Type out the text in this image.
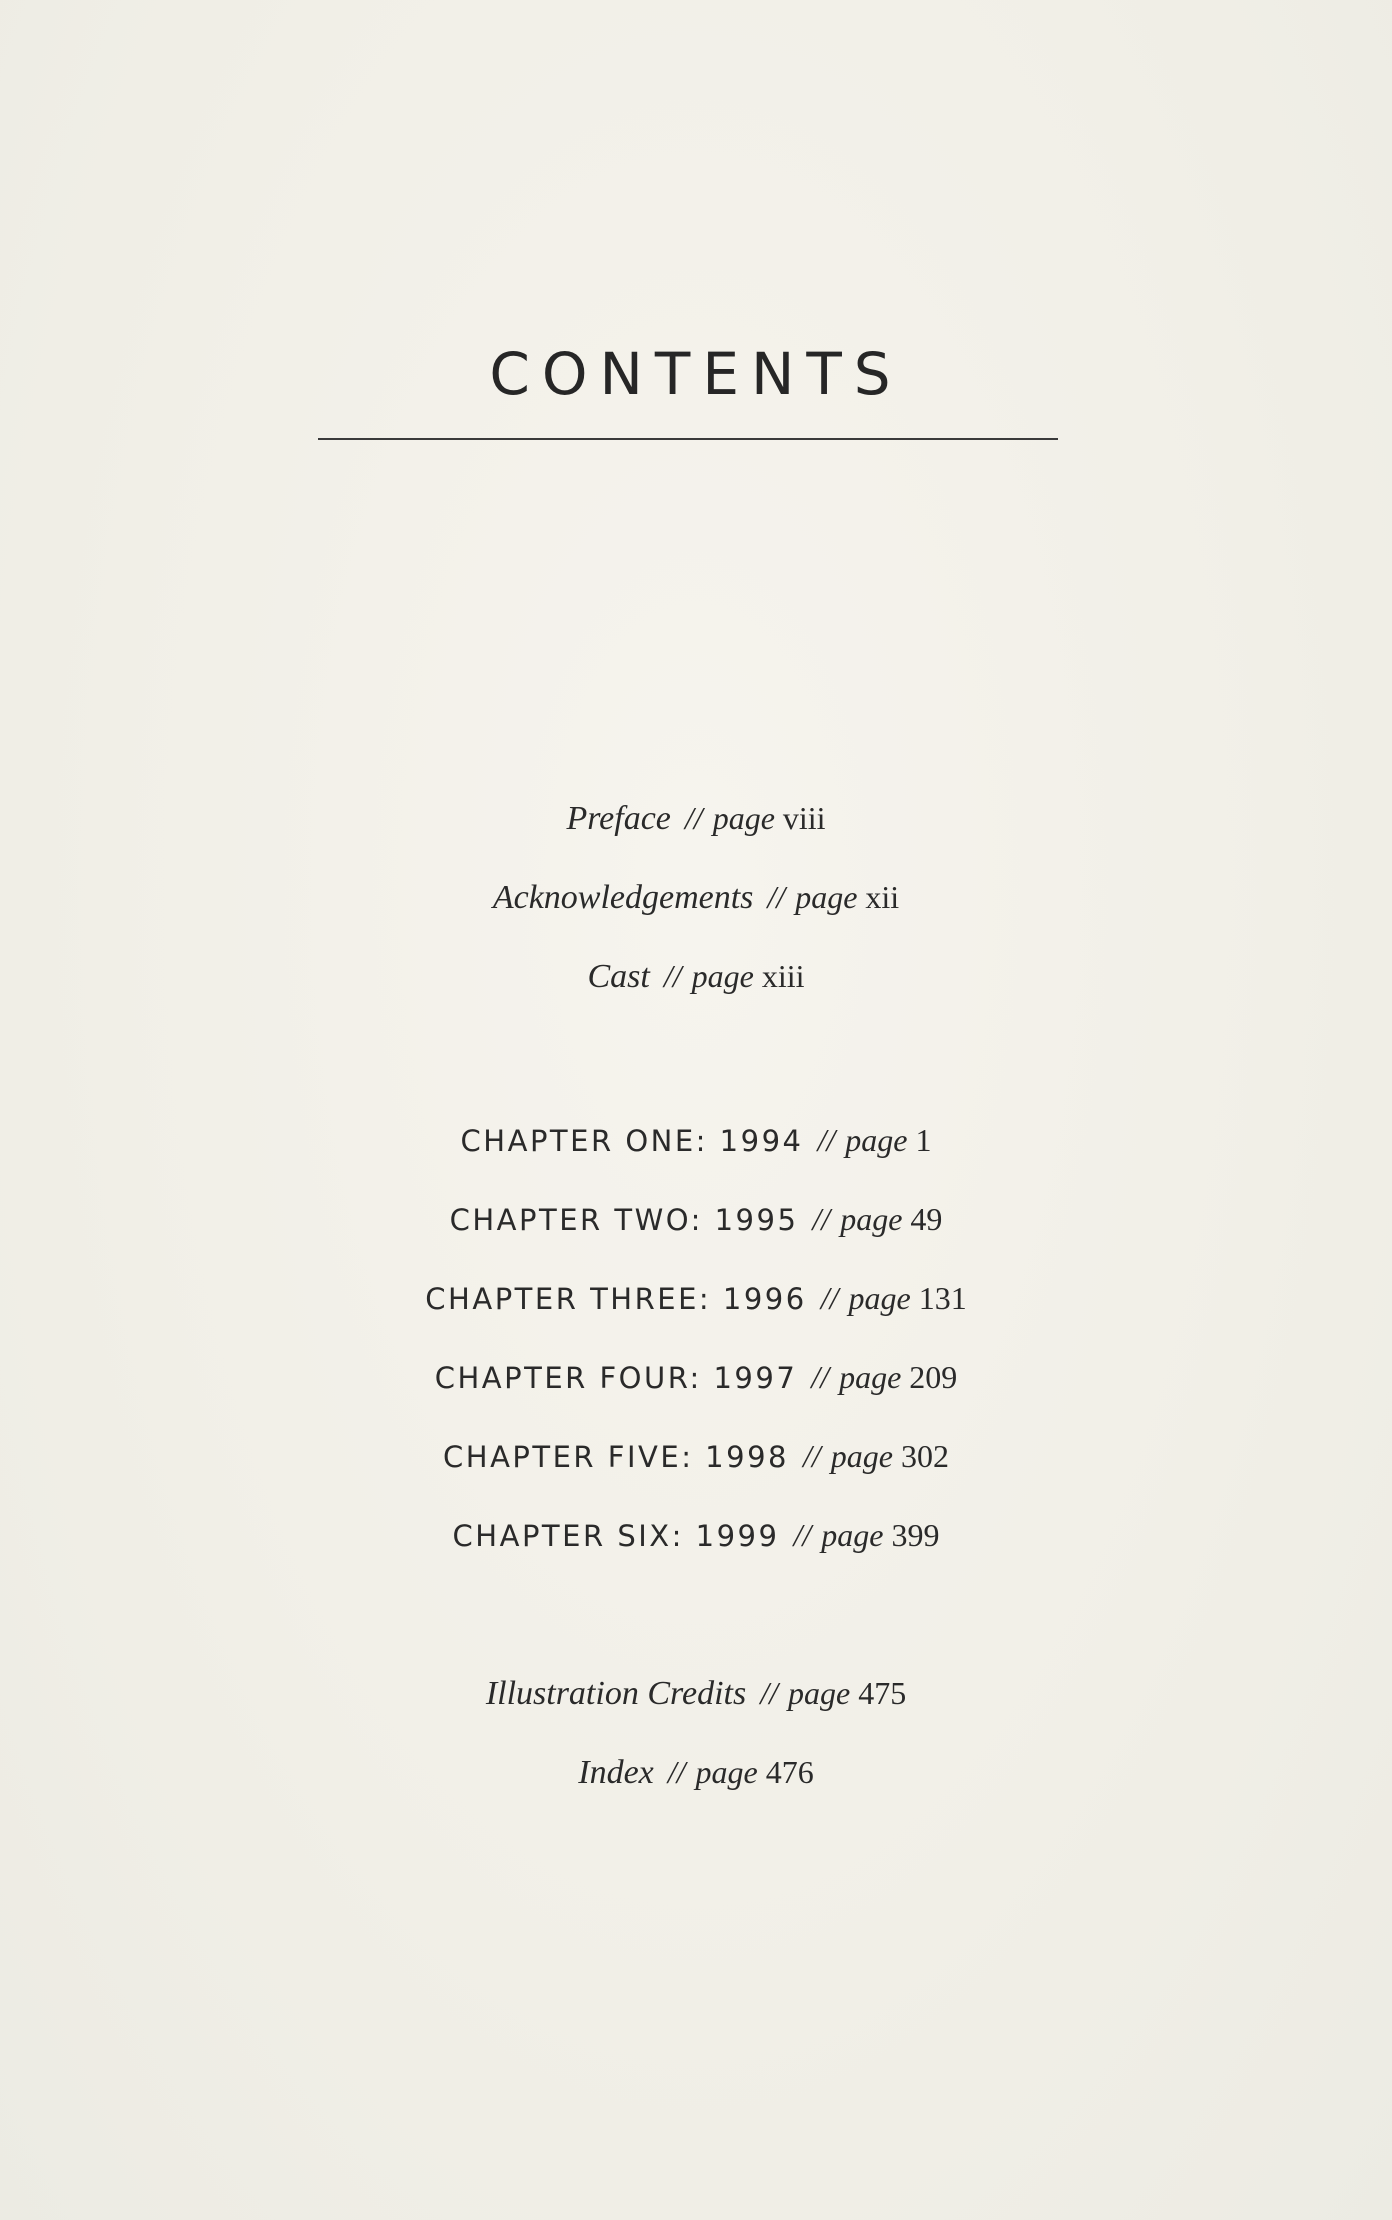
CONTENTS
Preface // page viii
Acknowledgements // page xii
Cast // page xiii
CHAPTER ONE: 1994 // page 1
CHAPTER TWO: 1995 // page 49
CHAPTER THREE: 1996 // page 131
CHAPTER FOUR: 1997 // page 209
CHAPTER FIVE: 1998 // page 302
CHAPTER SIX: 1999 // page 399
Illustration Credits // page 475
Index // page 476
